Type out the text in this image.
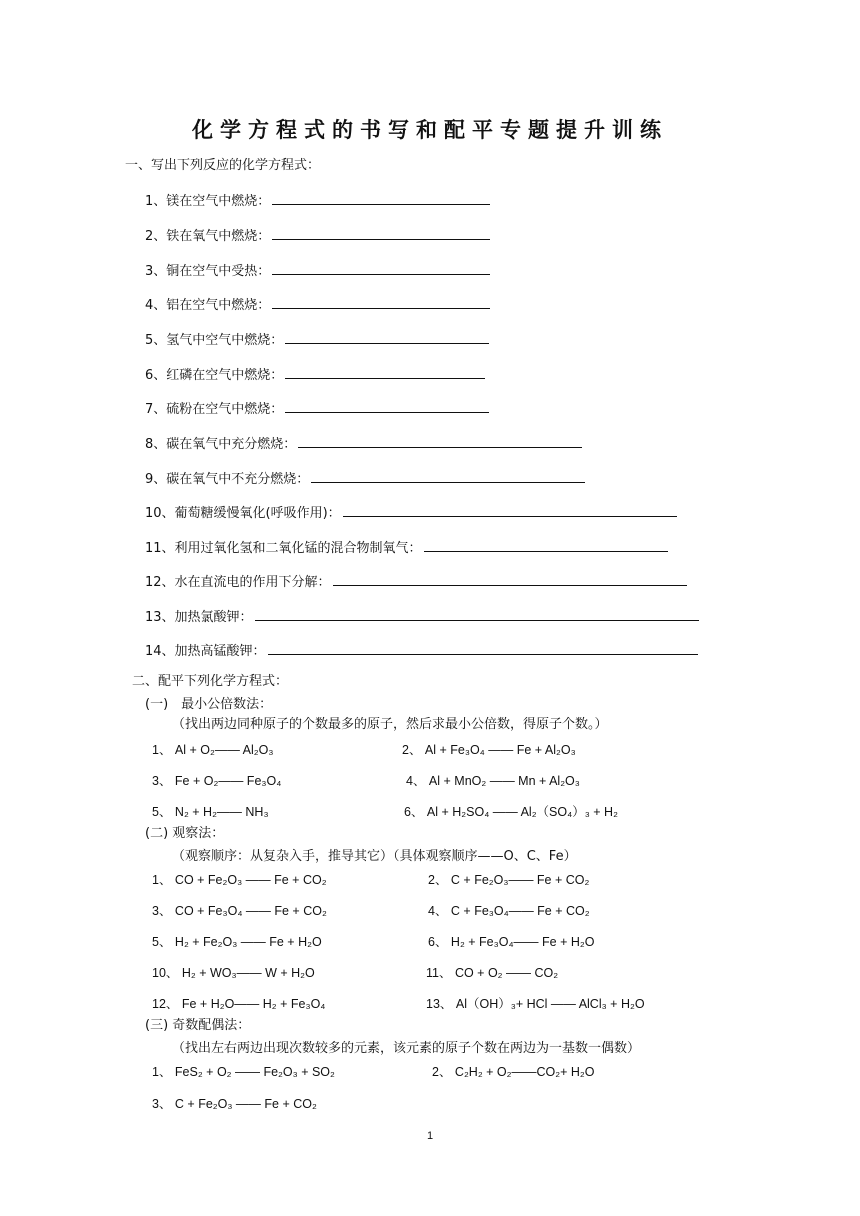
化学方程式的书写和配平专题提升训练
一、写出下列反应的化学方程式：
1、镁在空气中燃烧：
2、铁在氧气中燃烧：
3、铜在空气中受热：
4、铝在空气中燃烧：
5、氢气中空气中燃烧：
6、红磷在空气中燃烧：
7、硫粉在空气中燃烧：
8、碳在氧气中充分燃烧：
9、碳在氧气中不充分燃烧：
10、葡萄糖缓慢氧化(呼吸作用)：
11、利用过氧化氢和二氧化锰的混合物制氧气：
12、水在直流电的作用下分解：
13、加热氯酸钾：
14、加热高锰酸钾：
二、配平下列化学方程式：
(一)　最小公倍数法：
（找出两边同种原子的个数最多的原子，然后求最小公倍数，得原子个数。）
1、 Al + O₂—— Al₂O₃	2、 Al + Fe₃O₄ —— Fe + Al₂O₃
3、 Fe + O₂—— Fe₃O₄	4、 Al + MnO₂ —— Mn + Al₂O₃
5、 N₂ + H₂—— NH₃	6、 Al + H₂SO₄ —— Al₂（SO₄）₃ + H₂
(二) 观察法：
（观察顺序：从复杂入手，推导其它）（具体观察顺序——O、C、Fe）
1、 CO + Fe₂O₃ —— Fe + CO₂	2、 C + Fe₂O₃—— Fe + CO₂
3、 CO + Fe₃O₄ —— Fe + CO₂	4、 C + Fe₃O₄—— Fe + CO₂
5、 H₂ + Fe₂O₃ —— Fe + H₂O	6、 H₂ + Fe₃O₄—— Fe + H₂O
10、 H₂ + WO₃—— W + H₂O	11、 CO + O₂ —— CO₂
12、 Fe + H₂O—— H₂ + Fe₃O₄	13、 Al（OH）₃+ HCl —— AlCl₃ + H₂O
(三) 奇数配偶法：
（找出左右两边出现次数较多的元素，该元素的原子个数在两边为一基数一偶数）
1、 FeS₂ + O₂ —— Fe₂O₃ + SO₂	2、 C₂H₂ + O₂——CO₂+ H₂O
3、 C + Fe₂O₃ —— Fe + CO₂
1
